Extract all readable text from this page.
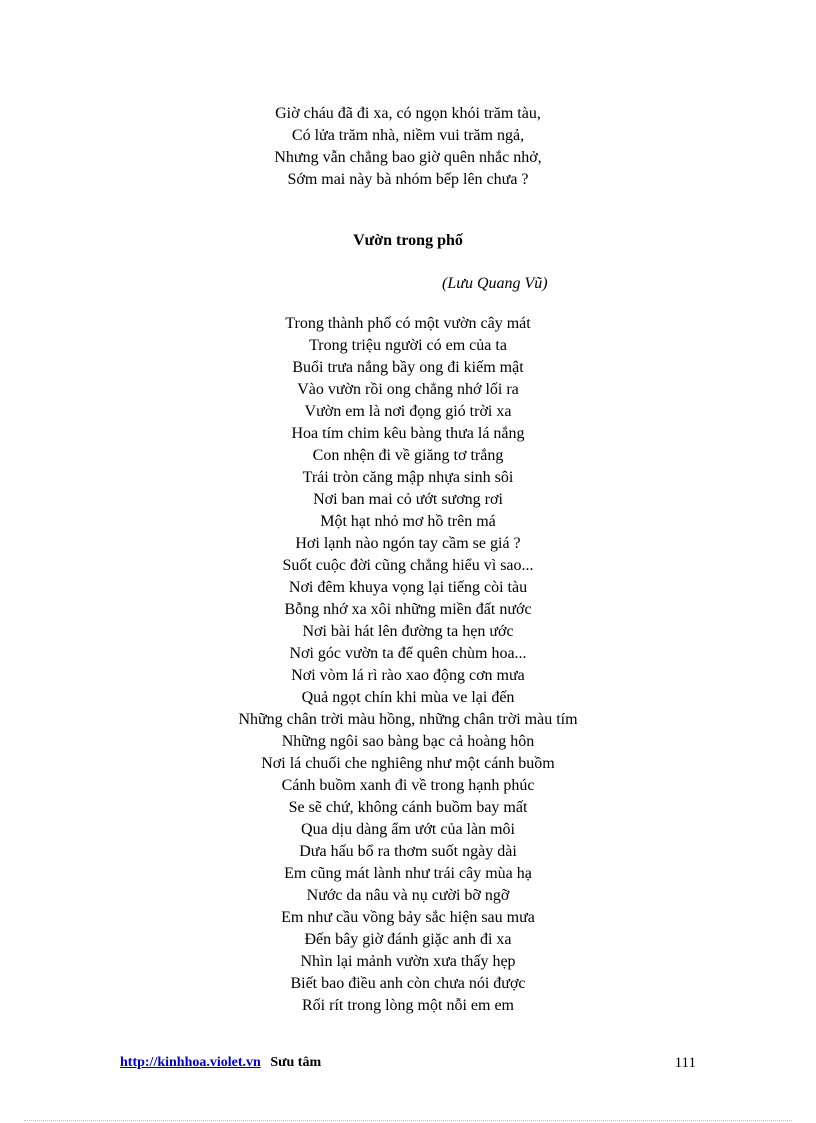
Giờ cháu đã đi xa, có ngọn khói trăm tàu,
Có lửa trăm nhà, niềm vui trăm ngả,
Nhưng vẫn chẳng bao giờ quên nhắc nhở,
Sớm mai này bà nhóm bếp lên chưa ?
Vườn trong phố
(Lưu Quang Vũ)
Trong thành phố có một vườn cây mát
Trong triệu người có em của ta
Buổi trưa nắng bầy ong đi kiếm mật
Vào vườn rồi ong chẳng nhớ lối ra
Vườn em là nơi đọng gió trời xa
Hoa tím chim kêu bàng thưa lá nắng
Con nhện đi về giăng tơ trắng
Trái tròn căng mập nhựa sinh sôi
Nơi ban mai cỏ ướt sương rơi
Một hạt nhỏ mơ hồ trên má
Hơi lạnh nào ngón tay cầm se giá ?
Suốt cuộc đời cũng chẳng hiểu vì sao...
Nơi đêm khuya vọng lại tiếng còi tàu
Bỗng nhớ xa xôi những miền đất nước
Nơi bài hát lên đường ta hẹn ước
Nơi góc vườn ta để quên chùm hoa...
Nơi vòm lá rì rào xao động cơn mưa
Quả ngọt chín khi mùa ve lại đến
Những chân trời màu hồng, những chân trời màu tím
Những ngôi sao bàng bạc cả hoàng hôn
Nơi lá chuối che nghiêng như một cánh buồm
Cánh buồm xanh đi về trong hạnh phúc
Se sẽ chứ, không cánh buồm bay mất
Qua dịu dàng ẩm ướt của làn môi
Dưa hấu bổ ra thơm suốt ngày dài
Em cũng mát lành như trái cây mùa hạ
Nước da nâu và nụ cười bỡ ngỡ
Em như cầu vồng bảy sắc hiện sau mưa
Đến bây giờ đánh giặc anh đi xa
Nhìn lại mảnh vườn xưa thấy hẹp
Biết bao điều anh còn chưa nói được
Rối rít trong lòng một nỗi em em
http://kinhhoa.violet.vn Sưu tâm	111
